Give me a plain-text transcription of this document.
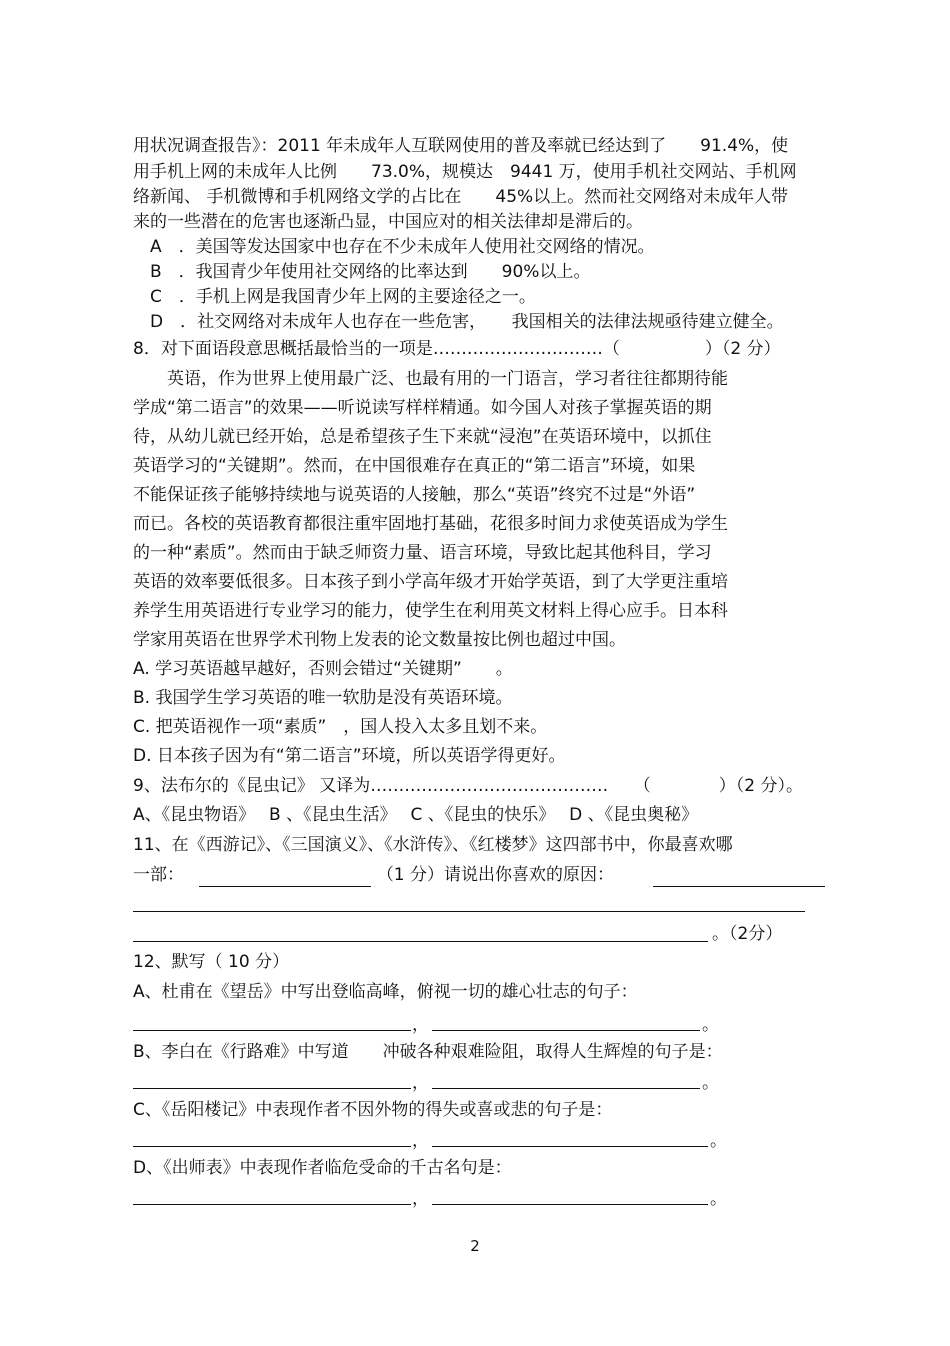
用状况调查报告》：2011 年未成年人互联网使用的普及率就已经达到了　　91.4%，使
用手机上网的未成年人比例　　73.0%，规模达　9441 万，使用手机社交网站、手机网
络新闻、 手机微博和手机网络文学的占比在　　45%以上。然而社交网络对未成年人带
来的一些潜在的危害也逐渐凸显，中国应对的相关法律却是滞后的。
A　．美国等发达国家中也存在不少未成年人使用社交网络的情况。
B　．我国青少年使用社交网络的比率达到　　90%以上。
C　．手机上网是我国青少年上网的主要途径之一。
D　．社交网络对未成年人也存在一些危害，　　我国相关的法律法规亟待建立健全。
8．对下面语段意思概括最恰当的一项是…………………………（　　　　　）（2 分）
　　英语，作为世界上使用最广泛、也最有用的一门语言，学习者往往都期待能
学成“第二语言”的效果——听说读写样样精通。如今国人对孩子掌握英语的期
待，从幼儿就已经开始，总是希望孩子生下来就“浸泡”在英语环境中，以抓住
英语学习的“关键期”。然而，在中国很难存在真正的“第二语言”环境，如果
不能保证孩子能够持续地与说英语的人接触，那么“英语”终究不过是“外语”
而已。各校的英语教育都很注重牢固地打基础，花很多时间力求使英语成为学生
的一种“素质”。然而由于缺乏师资力量、语言环境，导致比起其他科目，学习
英语的效率要低很多。日本孩子到小学高年级才开始学英语，到了大学更注重培
养学生用英语进行专业学习的能力，使学生在利用英文材料上得心应手。日本科
学家用英语在世界学术刊物上发表的论文数量按比例也超过中国。
A. 学习英语越早越好，否则会错过“关键期”　　。
B. 我国学生学习英语的唯一软肋是没有英语环境。
C. 把英语视作一项“素质”　，国人投入太多且划不来。
D. 日本孩子因为有“第二语言”环境，所以英语学得更好。
9、法布尔的《昆虫记》 又译为……………………………………　　（　　　　）（2 分）。
A、《昆虫物语》　 B 、《昆虫生活》　 C 、《昆虫的快乐》　 D 、《昆虫奥秘》
11、在《西游记》、《三国演义》、《水浒传》、《红楼梦》这四部书中，你最喜欢哪
一部：	（1 分）请说出你喜欢的原因：
。（2分）
12、默写（ 10 分）
A、杜甫在《望岳》中写出登临高峰，俯视一切的雄心壮志的句子：
，	。
B、李白在《行路难》中写道　　冲破各种艰难险阻，取得人生辉煌的句子是：
，	。
C、《岳阳楼记》中表现作者不因外物的得失或喜或悲的句子是：
，	。
D、《出师表》中表现作者临危受命的千古名句是：
，	。
2
